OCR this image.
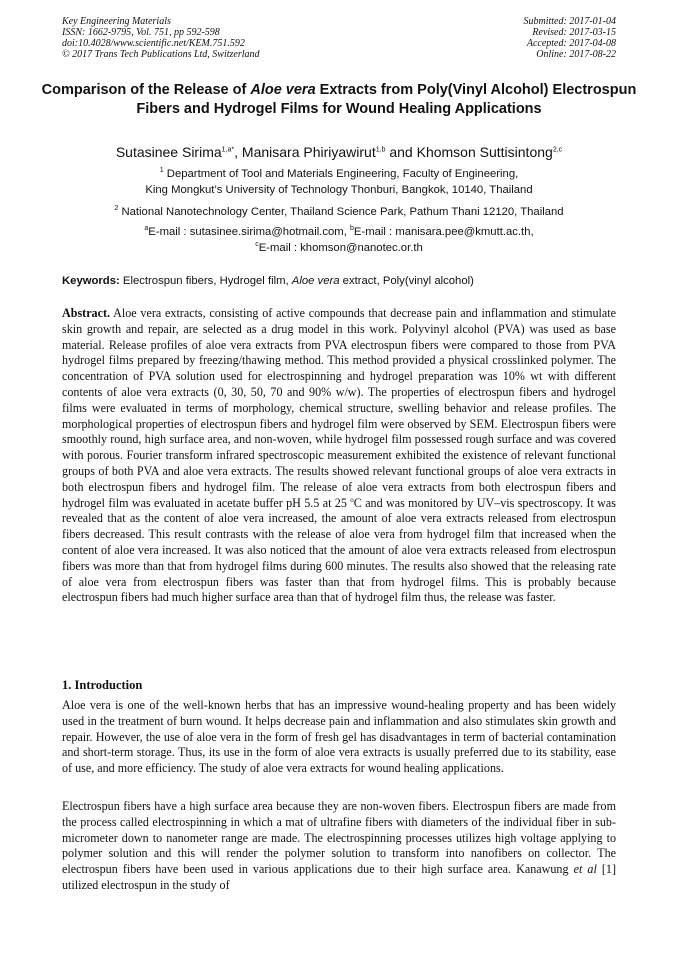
Key Engineering Materials
ISSN: 1662-9795, Vol. 751, pp 592-598
doi:10.4028/www.scientific.net/KEM.751.592
© 2017 Trans Tech Publications Ltd, Switzerland
Submitted: 2017-01-04
Revised: 2017-03-15
Accepted: 2017-04-08
Online: 2017-08-22
Comparison of the Release of Aloe vera Extracts from Poly(Vinyl Alcohol) Electrospun Fibers and Hydrogel Films for Wound Healing Applications
Sutasinee Sirima$^{1,a*}$, Manisara Phiriyawirut$^{1,b}$ and Khomson Suttisintong$^{2,c}$
$^1$ Department of Tool and Materials Engineering, Faculty of Engineering,
King Mongkut’s University of Technology Thonburi, Bangkok, 10140, Thailand
$^2$ National Nanotechnology Center, Thailand Science Park, Pathum Thani 12120, Thailand
$^a$E-mail : sutasinee.sirima@hotmail.com, $^b$E-mail : manisara.pee@kmutt.ac.th,
$^c$E-mail : khomson@nanotec.or.th
Keywords: Electrospun fibers, Hydrogel film, Aloe vera extract, Poly(vinyl alcohol)
Abstract. Aloe vera extracts, consisting of active compounds that decrease pain and inflammation and stimulate skin growth and repair, are selected as a drug model in this work. Polyvinyl alcohol (PVA) was used as base material. Release profiles of aloe vera extracts from PVA electrospun fibers were compared to those from PVA hydrogel films prepared by freezing/thawing method. This method provided a physical crosslinked polymer. The concentration of PVA solution used for electrospinning and hydrogel preparation was 10% wt with different contents of aloe vera extracts (0, 30, 50, 70 and 90% w/w). The properties of electrospun fibers and hydrogel films were evaluated in terms of morphology, chemical structure, swelling behavior and release profiles. The morphological properties of electrospun fibers and hydrogel film were observed by SEM. Electrospun fibers were smoothly round, high surface area, and non-woven, while hydrogel film possessed rough surface and was covered with porous. Fourier transform infrared spectroscopic measurement exhibited the existence of relevant functional groups of both PVA and aloe vera extracts. The results showed relevant functional groups of aloe vera extracts in both electrospun fibers and hydrogel film. The release of aloe vera extracts from both electrospun fibers and hydrogel film was evaluated in acetate buffer pH 5.5 at 25 $^o$C and was monitored by UV–vis spectroscopy. It was revealed that as the content of aloe vera increased, the amount of aloe vera extracts released from electrospun fibers decreased. This result contrasts with the release of aloe vera from hydrogel film that increased when the content of aloe vera increased. It was also noticed that the amount of aloe vera extracts released from electrospun fibers was more than that from hydrogel films during 600 minutes. The results also showed that the releasing rate of aloe vera from electrospun fibers was faster than that from hydrogel films. This is probably because electrospun fibers had much higher surface area than that of hydrogel film thus, the release was faster.
1. Introduction
Aloe vera is one of the well-known herbs that has an impressive wound-healing property and has been widely used in the treatment of burn wound. It helps decrease pain and inflammation and also stimulates skin growth and repair. However, the use of aloe vera in the form of fresh gel has disadvantages in term of bacterial contamination and short-term storage. Thus, its use in the form of aloe vera extracts is usually preferred due to its stability, ease of use, and more efficiency. The study of aloe vera extracts for wound healing applications.
Electrospun fibers have a high surface area because they are non-woven fibers. Electrospun fibers are made from the process called electrospinning in which a mat of ultrafine fibers with diameters of the individual fiber in sub-micrometer down to nanometer range are made. The electrospinning processes utilizes high voltage applying to polymer solution and this will render the polymer solution to transform into nanofibers on collector. The electrospun fibers have been used in various applications due to their high surface area. Kanawung et al [1] utilized electrospun in the study of
